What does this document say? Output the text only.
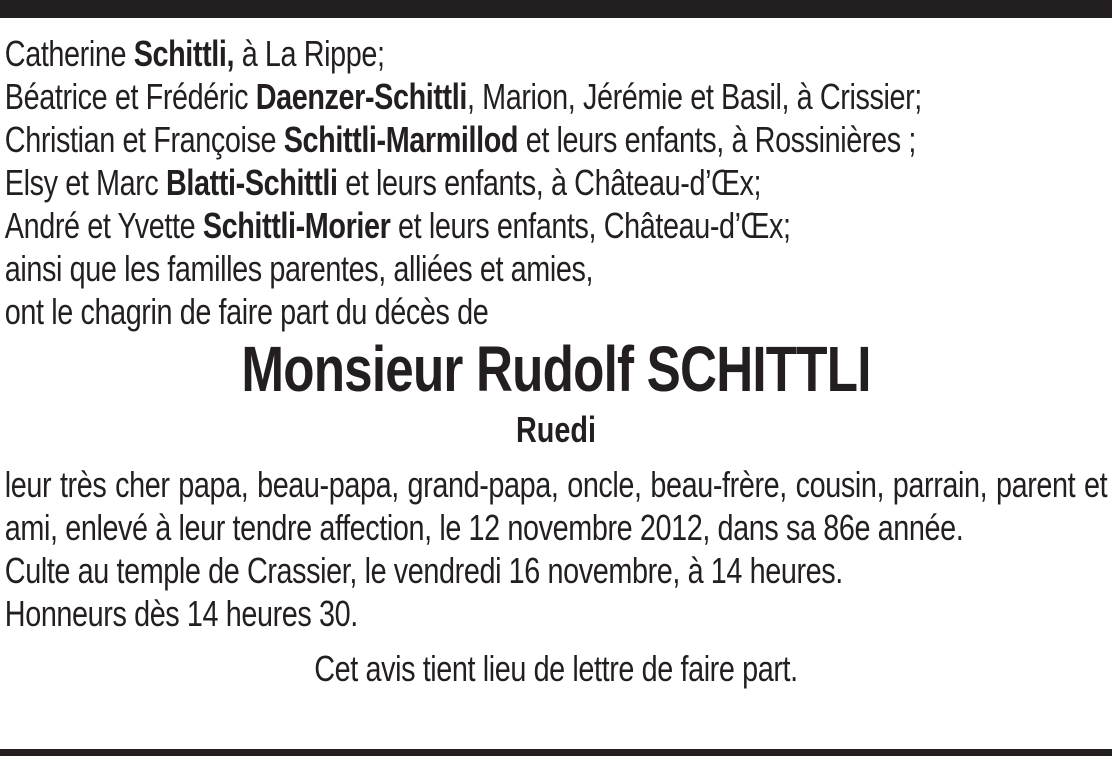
Catherine Schittli, à La Rippe;
Béatrice et Frédéric Daenzer-Schittli, Marion, Jérémie et Basil, à Crissier;
Christian et Françoise Schittli-Marmillod et leurs enfants, à Rossinières ;
Elsy et Marc Blatti-Schittli et leurs enfants, à Château-d’Œx;
André et Yvette Schittli-Morier et leurs enfants, Château-d’Œx;
ainsi que les familles parentes, alliées et amies,
ont le chagrin de faire part du décès de
Monsieur Rudolf SCHITTLI
Ruedi
leur très cher papa, beau-papa, grand-papa, oncle, beau-frère, cousin, parrain, parent et ami, enlevé à leur tendre affection, le 12 novembre 2012, dans sa 86e année.
Culte au temple de Crassier, le vendredi 16 novembre, à 14 heures.
Honneurs dès 14 heures 30.
Cet avis tient lieu de lettre de faire part.
